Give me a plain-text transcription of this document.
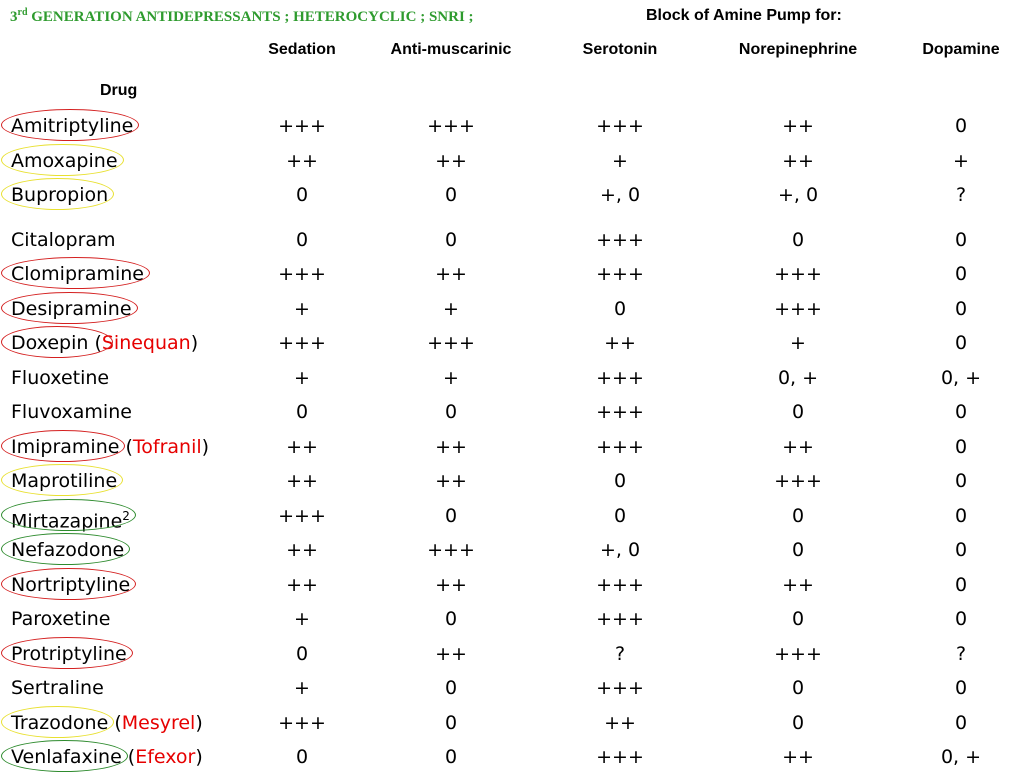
3rd GENERATION ANTIDEPRESSANTS ; HETEROCYCLIC ; SNRI ;	Block of Amine Pump for:
Drug
Sedation	Anti-muscarinic	Serotonin	Norepinephrine	Dopamine
Amitriptyline	+++	+++	+++	++	0
Amoxapine	++	++	+	++	+
Bupropion	0	0	+, 0	+, 0	?
Citalopram	0	0	+++	0	0
Clomipramine	+++	++	+++	+++	0
Desipramine	+	+	0	+++	0
Doxepin (Sinequan)	+++	+++	++	+	0
Fluoxetine	+	+	+++	0, +	0, +
Fluvoxamine	0	0	+++	0	0
Imipramine (Tofranil)	++	++	+++	++	0
Maprotiline	++	++	0	+++	0
Mirtazapine$^2$	+++	0	0	0	0
Nefazodone	++	+++	+, 0	0	0
Nortriptyline	++	++	+++	++	0
Paroxetine	+	0	+++	0	0
Protriptyline	0	++	?	+++	?
Sertraline	+	0	+++	0	0
Trazodone (Mesyrel)	+++	0	++	0	0
Venlafaxine (Efexor)	0	0	+++	++	0, +
